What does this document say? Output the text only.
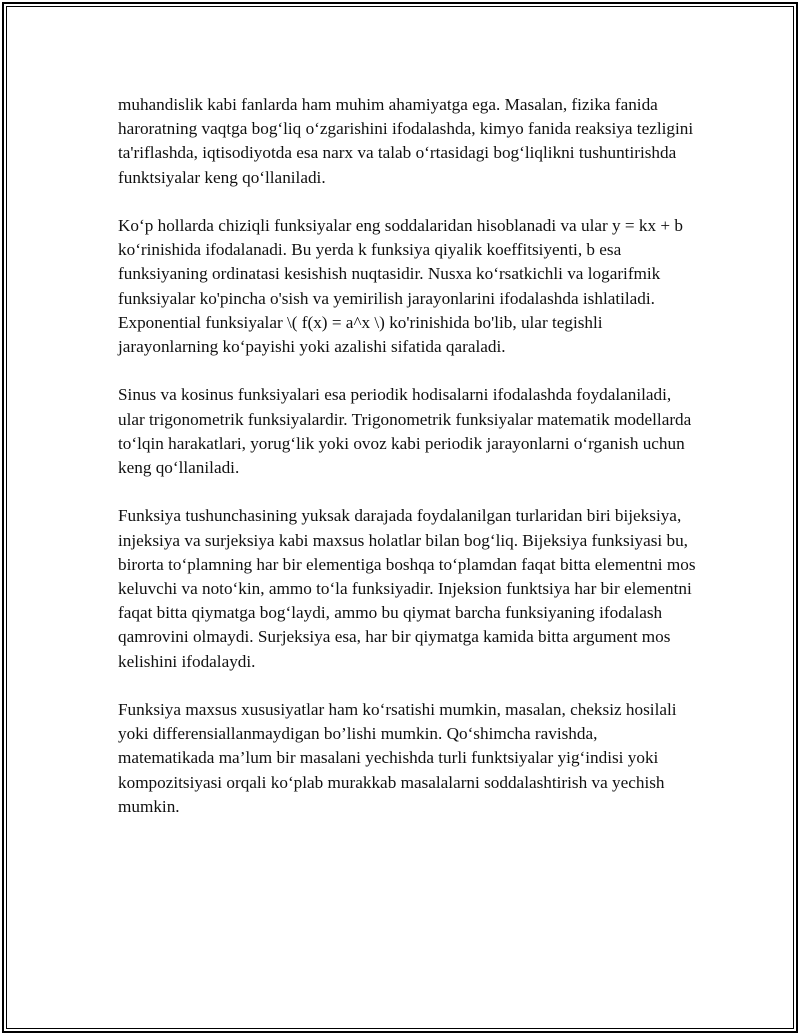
muhandislik kabi fanlarda ham muhim ahamiyatga ega. Masalan, fizika fanida haroratning vaqtga bog‘liq o‘zgarishini ifodalashda, kimyo fanida reaksiya tezligini ta'riflashda, iqtisodiyotda esa narx va talab o‘rtasidagi bog‘liqlikni tushuntirishda funktsiyalar keng qo‘llaniladi.

Ko‘p hollarda chiziqli funksiyalar eng soddalaridan hisoblanadi va ular y = kx + b ko‘rinishida ifodalanadi. Bu yerda k funksiya qiyalik koeffitsiyenti, b esa funksiyaning ordinatasi kesishish nuqtasidir. Nusxa ko‘rsatkichli va logarifmik funksiyalar ko'pincha o'sish va yemirilish jarayonlarini ifodalashda ishlatiladi. Exponential funksiyalar \( f(x) = a^x \) ko'rinishida bo'lib, ular tegishli jarayonlarning ko‘payishi yoki azalishi sifatida qaraladi.

Sinus va kosinus funksiyalari esa periodik hodisalarni ifodalashda foydalaniladi, ular trigonometrik funksiyalardir. Trigonometrik funksiyalar matematik modellarda to‘lqin harakatlari, yorug‘lik yoki ovoz kabi periodik jarayonlarni o‘rganish uchun keng qo‘llaniladi.

Funksiya tushunchasining yuksak darajada foydalanilgan turlaridan biri bijeksiya, injeksiya va surjeksiya kabi maxsus holatlar bilan bog‘liq. Bijeksiya funksiyasi bu, birorta to‘plamning har bir elementiga boshqa to‘plamdan faqat bitta elementni mos keluvchi va noto‘kin, ammo to‘la funksiyadir. Injeksion funktsiya har bir elementni faqat bitta qiymatga bog‘laydi, ammo bu qiymat barcha funksiyaning ifodalash qamrovini olmaydi. Surjeksiya esa, har bir qiymatga kamida bitta argument mos kelishini ifodalaydi.

Funksiya maxsus xususiyatlar ham ko‘rsatishi mumkin, masalan, cheksiz hosilali yoki differensiallanmaydigan bo’lishi mumkin. Qo‘shimcha ravishda, matematikada ma’lum bir masalani yechishda turli funktsiyalar yig‘indisi yoki kompozitsiyasi orqali ko‘plab murakkab masalalarni soddalashtirish va yechish mumkin.
